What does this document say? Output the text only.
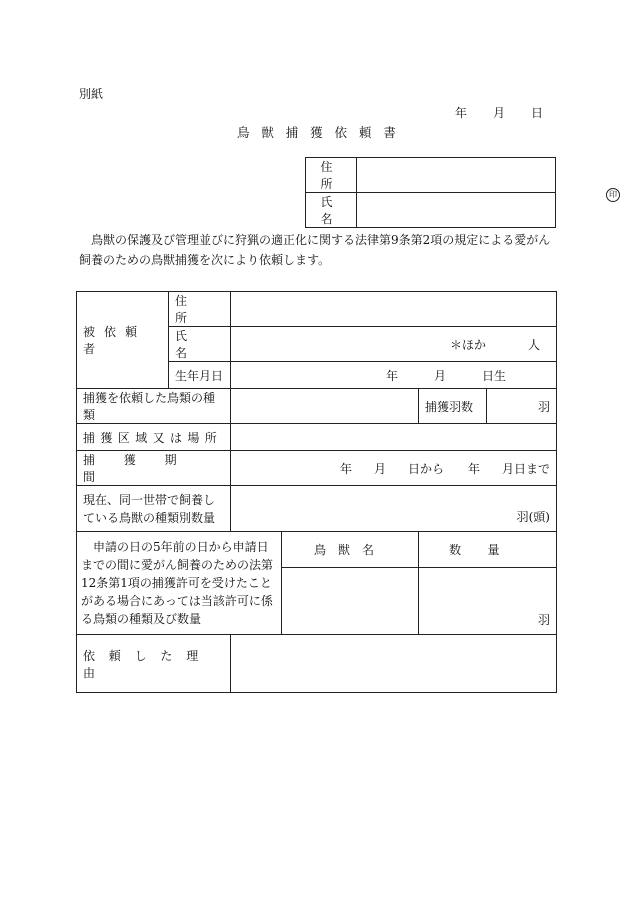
別紙
年 月 日
鳥獣捕獲依頼書
住所	
氏名	
印
鳥獣の保護及び管理並びに狩猟の適正化に関する法律第9条第2項の規定による愛がん飼養のための鳥獣捕獲を次により依頼します。
被依頼者	住所				
	氏名	＊ほか 人			
	生年月日	年 月 日生			
捕獲を依頼した鳥類の種類				捕獲羽数	羽
捕獲区域又は場所					
捕獲期間		年 月 日から 年 月日まで			
現在、同一世帯で飼養している鳥獣の種類別数量		羽(頭)			
申請の日の5年前の日から申請日までの間に愛がん飼養のための法第12条第1項の捕獲許可を受けたことがある場合にあっては当該許可に係る鳥類の種類及び数量			鳥獣名	数量	
				羽	
依頼した理由					
